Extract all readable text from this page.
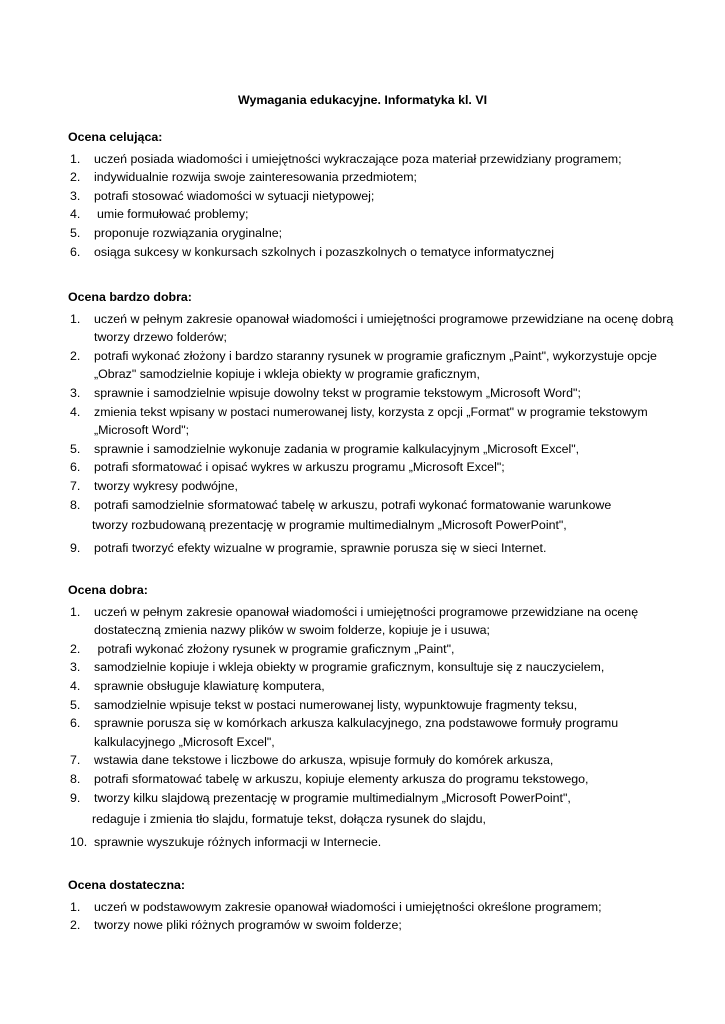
Wymagania edukacyjne. Informatyka kl. VI
Ocena celująca:
1. uczeń posiada wiadomości i umiejętności wykraczające poza materiał przewidziany programem;
2. indywidualnie rozwija swoje zainteresowania przedmiotem;
3. potrafi stosować wiadomości w sytuacji nietypowej;
4. umie formułować problemy;
5. proponuje rozwiązania oryginalne;
6. osiąga sukcesy w konkursach szkolnych i pozaszkolnych o tematyce informatycznej
Ocena bardzo dobra:
1. uczeń w pełnym zakresie opanował wiadomości i umiejętności programowe przewidziane na ocenę dobrą
tworzy drzewo folderów;
2. potrafi wykonać złożony i bardzo staranny rysunek w programie graficznym „Paint", wykorzystuje opcje
„Obraz" samodzielnie kopiuje i wkleja obiekty w programie graficznym,
3. sprawnie i samodzielnie wpisuje dowolny tekst w programie tekstowym „Microsoft Word";
4. zmienia tekst wpisany w postaci numerowanej listy, korzysta z opcji „Format" w programie tekstowym
„Microsoft Word";
5. sprawnie i samodzielnie wykonuje zadania w programie kalkulacyjnym „Microsoft Excel",
6. potrafi sformatować i opisać wykres w arkuszu programu „Microsoft Excel";
7. tworzy wykresy podwójne,
8. potrafi samodzielnie sformatować tabelę w arkuszu, potrafi wykonać formatowanie warunkowe
tworzy rozbudowaną prezentację w programie multimedialnym „Microsoft PowerPoint",
9. potrafi tworzyć efekty wizualne w programie, sprawnie porusza się w sieci Internet.
Ocena dobra:
1. uczeń w pełnym zakresie opanował wiadomości i umiejętności programowe przewidziane na ocenę
dostateczną zmienia nazwy plików w swoim folderze, kopiuje je i usuwa;
2. potrafi wykonać złożony rysunek w programie graficznym „Paint",
3. samodzielnie kopiuje i wkleja obiekty w programie graficznym, konsultuje się z nauczycielem,
4. sprawnie obsługuje klawiaturę komputera,
5. samodzielnie wpisuje tekst w postaci numerowanej listy, wypunktowuje fragmenty teksu,
6. sprawnie porusza się w komórkach arkusza kalkulacyjnego, zna podstawowe formuły programu
kalkulacyjnego „Microsoft Excel",
7. wstawia dane tekstowe i liczbowe do arkusza, wpisuje formuły do komórek arkusza,
8. potrafi sformatować tabelę w arkuszu, kopiuje elementy arkusza do programu tekstowego,
9. tworzy kilku slajdową prezentację w programie multimedialnym „Microsoft PowerPoint",
redaguje i zmienia tło slajdu, formatuje tekst, dołącza rysunek do slajdu,
10. sprawnie wyszukuje różnych informacji w Internecie.
Ocena dostateczna:
1. uczeń w podstawowym zakresie opanował wiadomości i umiejętności określone programem;
2. tworzy nowe pliki różnych programów w swoim folderze;
